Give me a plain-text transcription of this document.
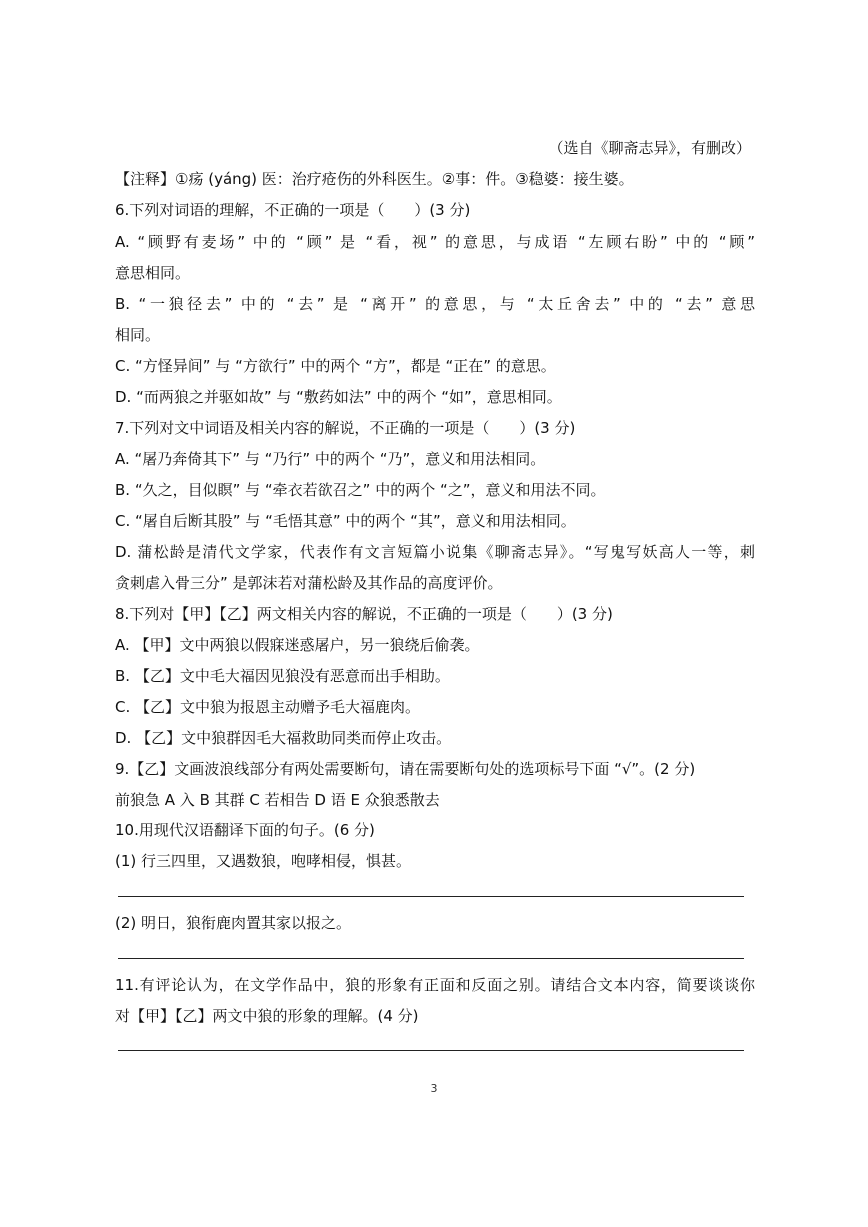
（选自《聊斋志异》，有删改）
【注释】①疡 (yáng) 医：治疗疮伤的外科医生。②事：件。③稳婆：接生婆。
6.下列对词语的理解，不正确的一项是（　　）(3 分)
A. “顾野有麦场” 中的 “顾” 是 “看，视” 的意思，与成语 “左顾右盼” 中的 “顾”
意思相同。
B. “一狼径去” 中的 “去” 是 “离开” 的意思，与 “太丘舍去” 中的 “去” 意思
相同。
C. “方怪异间” 与 “方欲行” 中的两个 “方”，都是 “正在” 的意思。
D. “而两狼之并驱如故” 与 “敷药如法” 中的两个 “如”，意思相同。
7.下列对文中词语及相关内容的解说，不正确的一项是（　　）(3 分)
A. “屠乃奔倚其下” 与 “乃行” 中的两个 “乃”，意义和用法相同。
B. “久之，目似瞑” 与 “牵衣若欲召之” 中的两个 “之”，意义和用法不同。
C. “屠自后断其股” 与 “毛悟其意” 中的两个 “其”，意义和用法相同。
D. 蒲松龄是清代文学家，代表作有文言短篇小说集《聊斋志异》。“写鬼写妖高人一等，刺
贪刺虐入骨三分” 是郭沫若对蒲松龄及其作品的高度评价。
8.下列对【甲】【乙】两文相关内容的解说，不正确的一项是（　　）(3 分)
A. 【甲】文中两狼以假寐迷惑屠户，另一狼绕后偷袭。
B. 【乙】文中毛大福因见狼没有恶意而出手相助。
C. 【乙】文中狼为报恩主动赠予毛大福鹿肉。
D. 【乙】文中狼群因毛大福救助同类而停止攻击。
9.【乙】文画波浪线部分有两处需要断句，请在需要断句处的选项标号下面 “√”。(2 分)
前狼急 A 入 B 其群 C 若相告 D 语 E 众狼悉散去
10.用现代汉语翻译下面的句子。(6 分)
(1) 行三四里，又遇数狼，咆哮相侵，惧甚。
(2) 明日，狼衔鹿肉置其家以报之。
11.有评论认为，在文学作品中，狼的形象有正面和反面之别。请结合文本内容，简要谈谈你
对【甲】【乙】两文中狼的形象的理解。(4 分)
3
